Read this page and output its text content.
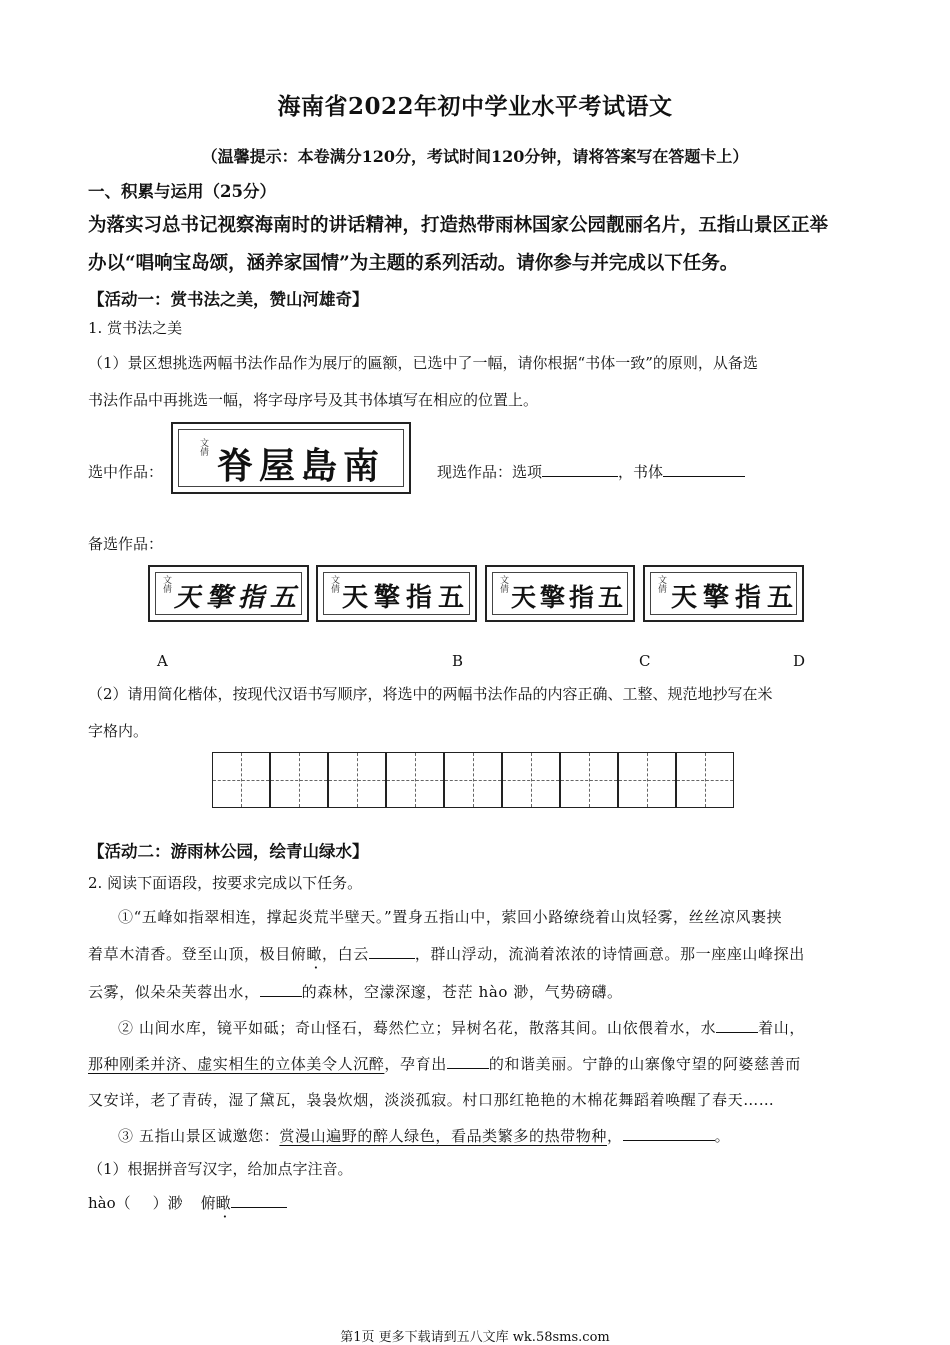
海南省2022年初中学业水平考试语文
（温馨提示：本卷满分120分，考试时间120分钟，请将答案写在答题卡上）
一、积累与运用（25分）
为落实习总书记视察海南时的讲话精神，打造热带雨林国家公园靓丽名片，五指山景区正举
办以“唱响宝岛颂，涵养家国情”为主题的系列活动。请你参与并完成以下任务。
【活动一：赏书法之美，赞山河雄奇】
1. 赏书法之美
（1）景区想挑选两幅书法作品作为展厅的匾额，已选中了一幅，请你根据“书体一致”的原则，从备选
书法作品中再挑选一幅，将字母序号及其书体填写在相应的位置上。
选中作品：
文倩 南島屋脊	现选作品：选项	，书体
备选作品：
文倩 五指擎天	文倩 五指擎天	文倩 五指擎天	文倩 五指擎天
A	B	C	D
（2）请用简化楷体，按现代汉语书写顺序，将选中的两幅书法作品的内容正确、工整、规范地抄写在米
字格内。
【活动二：游雨林公园，绘青山绿水】
2. 阅读下面语段，按要求完成以下任务。
①“五峰如指翠相连，撑起炎荒半壁天。”置身五指山中，萦回小路缭绕着山岚轻雾，丝丝凉风裹挟
着草木清香。登至山顶，极目俯瞰，白云	，群山浮动，流淌着浓浓的诗情画意。那一座座山峰探出
云雾，似朵朵芙蓉出水，	的森林，空濛深邃，苍茫 hào 渺，气势磅礴。
② 山间水库，镜平如砥；奇山怪石，蓦然伫立；异树名花，散落其间。山依偎着水，水	着山，
那种刚柔并济、虚实相生的立体美令人沉醉，孕育出	的和谐美丽。宁静的山寨像守望的阿婆慈善而
又安详，老了青砖，湿了黛瓦，袅袅炊烟，淡淡孤寂。村口那红艳艳的木棉花舞蹈着唤醒了春天……
③ 五指山景区诚邀您：赏漫山遍野的醉人绿色，看品类繁多的热带物种，	。
（1）根据拼音写汉字，给加点字注音。
hào（ ）渺 俯瞰
第1页 更多下载请到五八文库 wk.58sms.com
